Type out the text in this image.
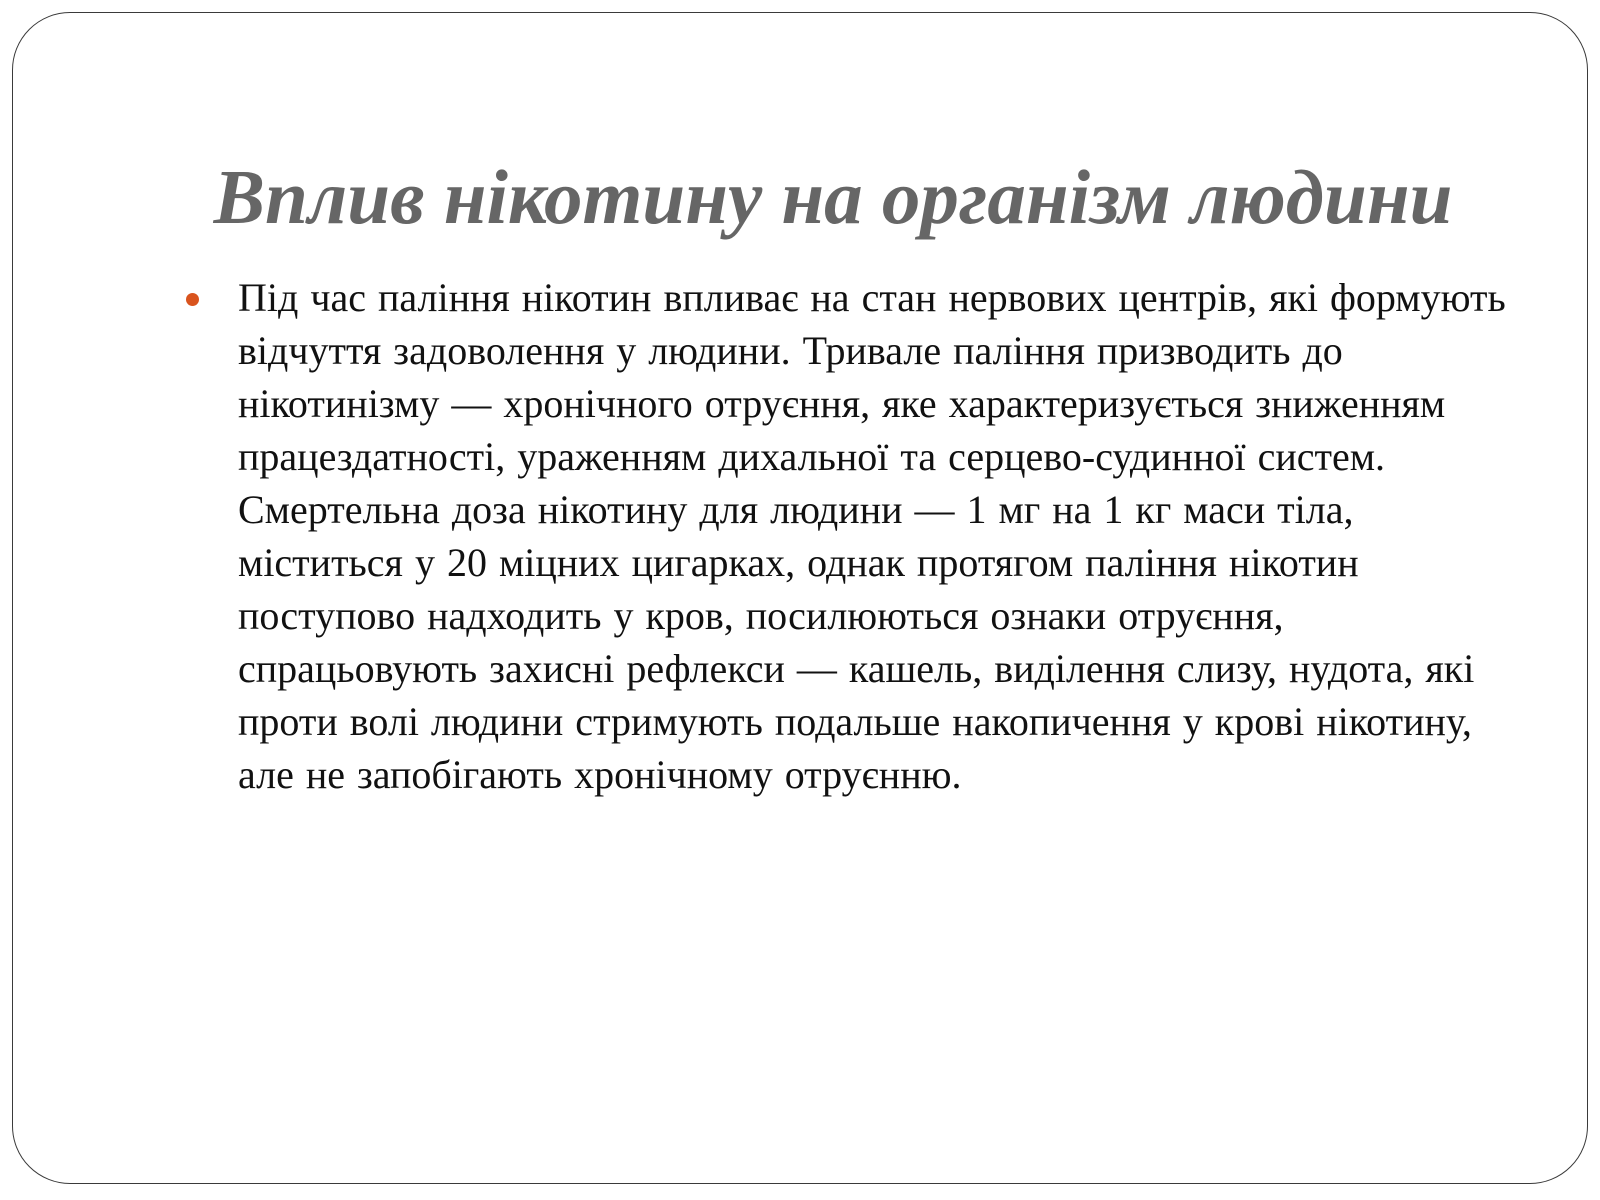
Вплив нікотину на організм людини
Під час паління нікотин впливає на стан нервових центрів, які формують відчуття задоволення у людини. Тривале паління призводить до нікотинізму — хронічного отруєння, яке характеризується зниженням працездатності, ураженням дихальної та серцево-судинної систем. Смертельна доза нікотину для людини — 1 мг на 1 кг маси тіла, міститься у 20 міцних цигарках, однак протягом паління нікотин поступово надходить у кров, посилюються ознаки отруєння, спрацьовують захисні рефлекси — кашель, виділення слизу, нудота, які проти волі людини стримують подальше накопичення у крові нікотину, але не запобігають хронічному отруєнню.
